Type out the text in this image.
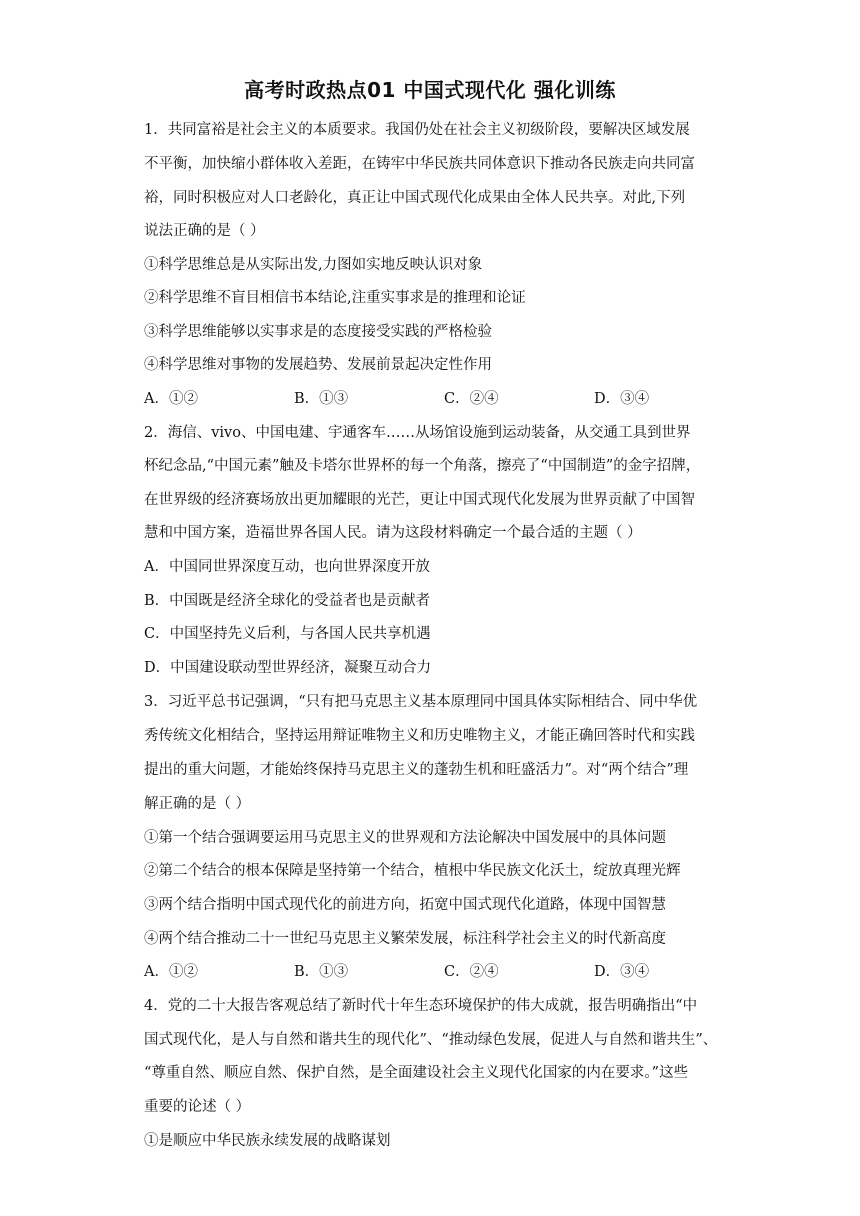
高考时政热点01 中国式现代化 强化训练
1．共同富裕是社会主义的本质要求。我国仍处在社会主义初级阶段，要解决区域发展
不平衡，加快缩小群体收入差距，在铸牢中华民族共同体意识下推动各民族走向共同富
裕，同时积极应对人口老龄化，真正让中国式现代化成果由全体人民共享。对此,下列
说法正确的是（ ）
①科学思维总是从实际出发,力图如实地反映认识对象
②科学思维不盲目相信书本结论,注重实事求是的推理和论证
③科学思维能够以实事求是的态度接受实践的严格检验
④科学思维对事物的发展趋势、发展前景起决定性作用
A．①②	B．①③	C．②④	D．③④
2．海信、vivo、中国电建、宇通客车……从场馆设施到运动装备，从交通工具到世界
杯纪念品,“中国元素”触及卡塔尔世界杯的每一个角落，擦亮了“中国制造”的金字招牌，
在世界级的经济赛场放出更加耀眼的光芒，更让中国式现代化发展为世界贡献了中国智
慧和中国方案，造福世界各国人民。请为这段材料确定一个最合适的主题（ ）
A．中国同世界深度互动，也向世界深度开放
B．中国既是经济全球化的受益者也是贡献者
C．中国坚持先义后利，与各国人民共享机遇
D．中国建设联动型世界经济，凝聚互动合力
3．习近平总书记强调，“只有把马克思主义基本原理同中国具体实际相结合、同中华优
秀传统文化相结合，坚持运用辩证唯物主义和历史唯物主义，才能正确回答时代和实践
提出的重大问题，才能始终保持马克思主义的蓬勃生机和旺盛活力”。对“两个结合”理
解正确的是（ ）
①第一个结合强调要运用马克思主义的世界观和方法论解决中国发展中的具体问题
②第二个结合的根本保障是坚持第一个结合，植根中华民族文化沃土，绽放真理光辉
③两个结合指明中国式现代化的前进方向，拓宽中国式现代化道路，体现中国智慧
④两个结合推动二十一世纪马克思主义繁荣发展，标注科学社会主义的时代新高度
A．①②	B．①③	C．②④	D．③④
4．党的二十大报告客观总结了新时代十年生态环境保护的伟大成就，报告明确指出“中
国式现代化，是人与自然和谐共生的现代化”、“推动绿色发展，促进人与自然和谐共生”、
“尊重自然、顺应自然、保护自然，是全面建设社会主义现代化国家的内在要求。”这些
重要的论述（ ）
①是顺应中华民族永续发展的战略谋划
